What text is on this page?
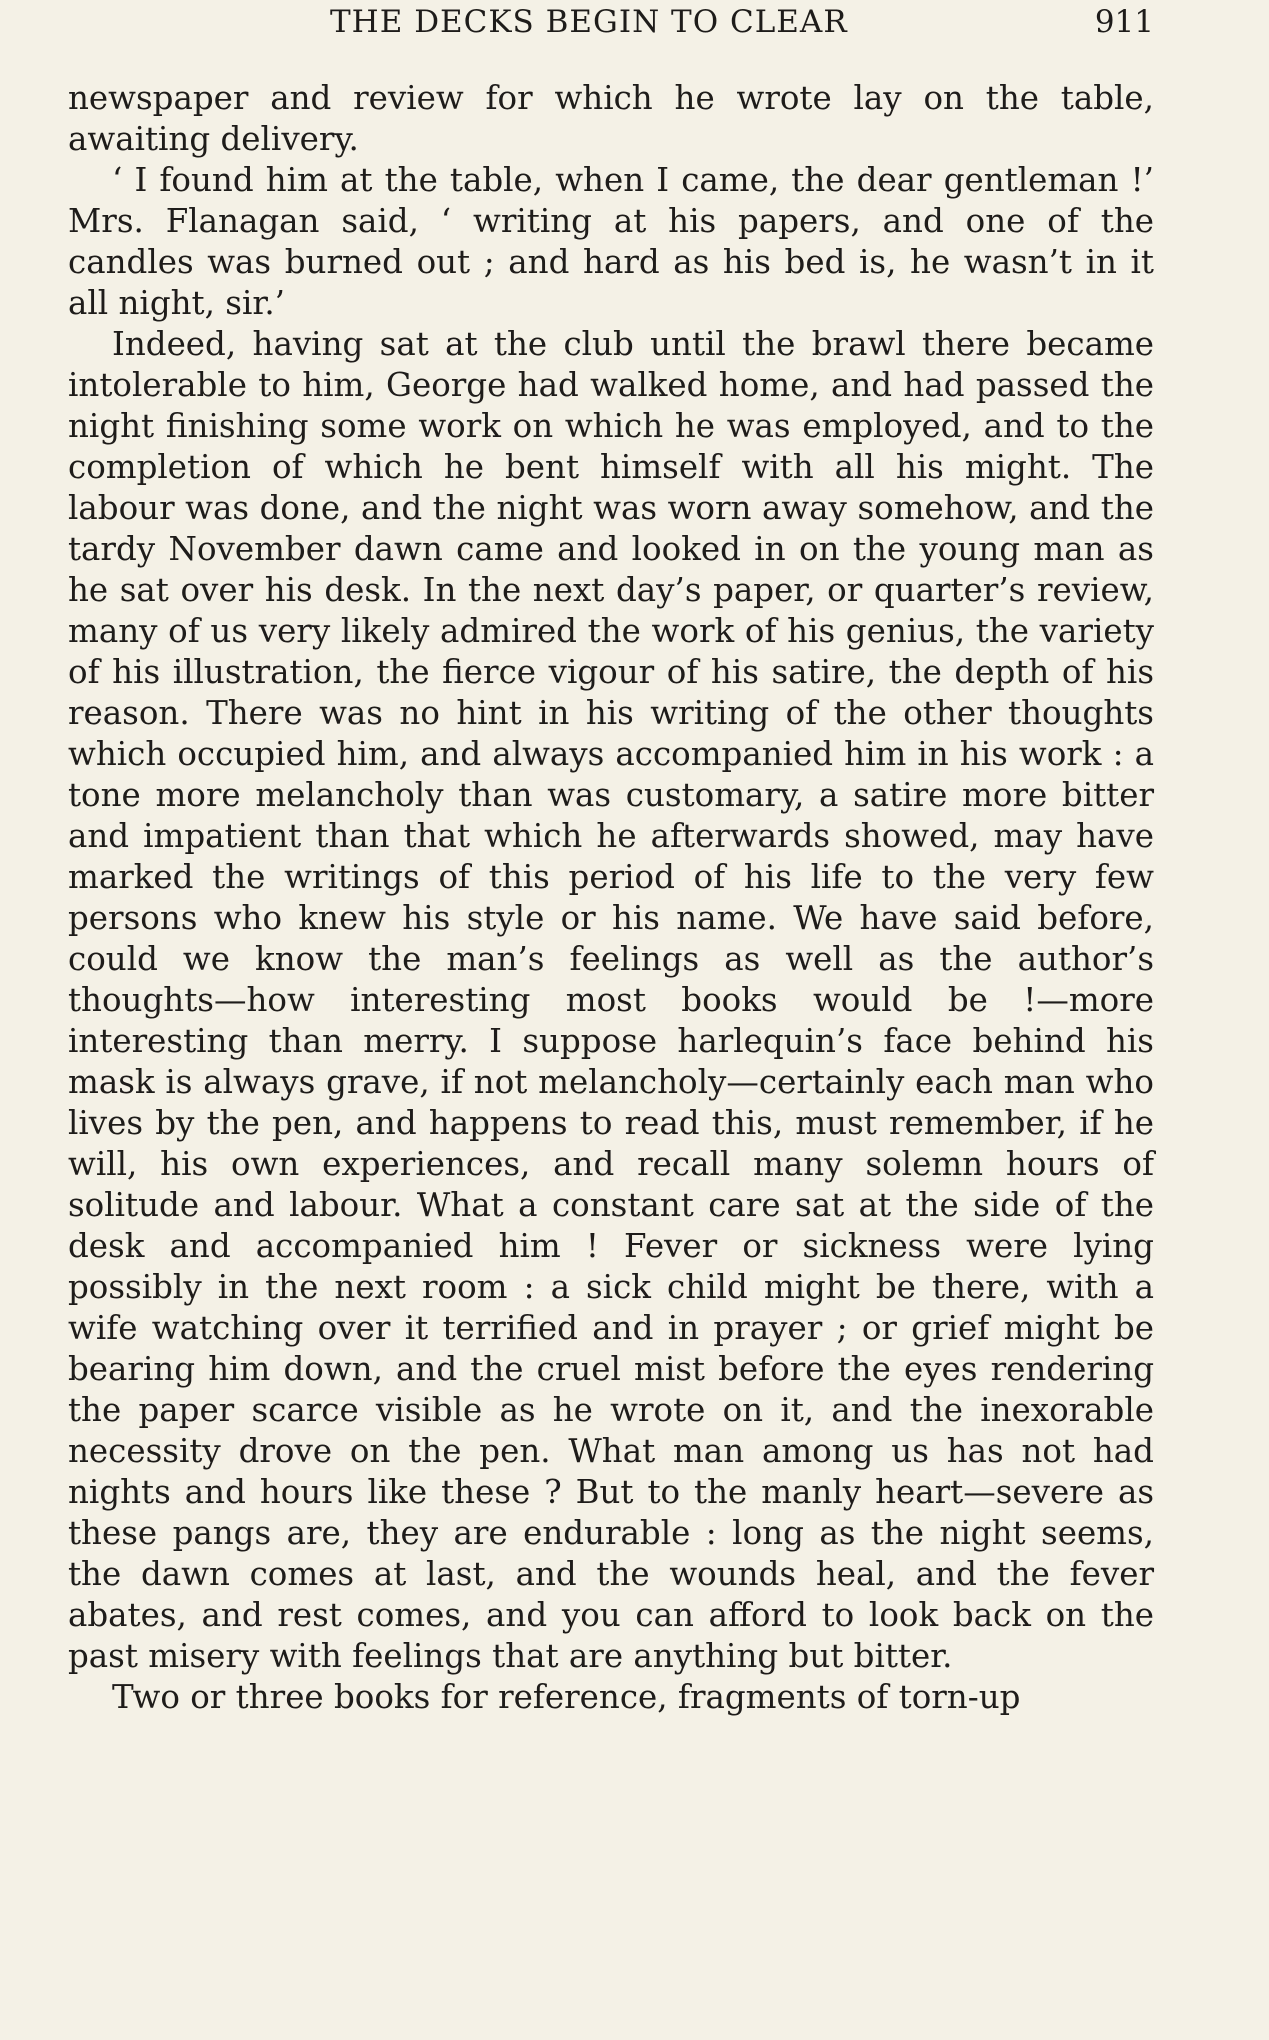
THE DECKS BEGIN TO CLEAR	911

newspaper and review for which he wrote lay on the table, awaiting delivery.

‘ I found him at the table, when I came, the dear gentleman !’ Mrs. Flanagan said, ‘ writing at his papers, and one of the candles was burned out ; and hard as his bed is, he wasn’t in it all night, sir.’

Indeed, having sat at the club until the brawl there became intolerable to him, George had walked home, and had passed the night finishing some work on which he was employed, and to the completion of which he bent himself with all his might. The labour was done, and the night was worn away somehow, and the tardy November dawn came and looked in on the young man as he sat over his desk. In the next day’s paper, or quarter’s review, many of us very likely admired the work of his genius, the variety of his illustration, the fierce vigour of his satire, the depth of his reason. There was no hint in his writing of the other thoughts which occupied him, and always accompanied him in his work : a tone more melancholy than was customary, a satire more bitter and impatient than that which he afterwards showed, may have marked the writings of this period of his life to the very few persons who knew his style or his name. We have said before, could we know the man’s feelings as well as the author’s thoughts—how interesting most books would be !—more interesting than merry. I suppose harlequin’s face behind his mask is always grave, if not melancholy—certainly each man who lives by the pen, and happens to read this, must remember, if he will, his own experiences, and recall many solemn hours of solitude and labour. What a constant care sat at the side of the desk and accompanied him ! Fever or sickness were lying possibly in the next room : a sick child might be there, with a wife watching over it terrified and in prayer ; or grief might be bearing him down, and the cruel mist before the eyes rendering the paper scarce visible as he wrote on it, and the inexorable necessity drove on the pen. What man among us has not had nights and hours like these ? But to the manly heart—severe as these pangs are, they are endurable : long as the night seems, the dawn comes at last, and the wounds heal, and the fever abates, and rest comes, and you can afford to look back on the past misery with feelings that are anything but bitter.

Two or three books for reference, fragments of torn-up
